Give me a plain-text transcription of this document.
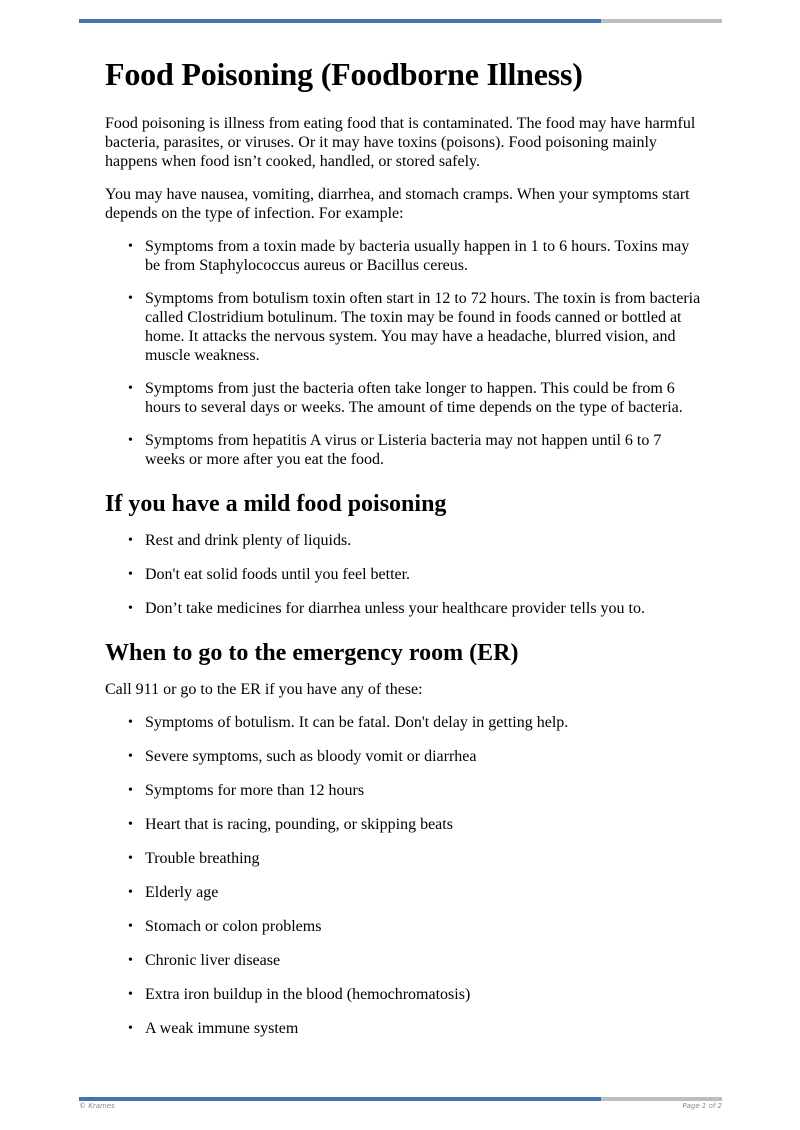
Food Poisoning (Foodborne Illness)

Food poisoning is illness from eating food that is contaminated. The food may have harmful bacteria, parasites, or viruses. Or it may have toxins (poisons). Food poisoning mainly happens when food isn’t cooked, handled, or stored safely.

You may have nausea, vomiting, diarrhea, and stomach cramps. When your symptoms start depends on the type of infection. For example:

• Symptoms from a toxin made by bacteria usually happen in 1 to 6 hours. Toxins may be from Staphylococcus aureus or Bacillus cereus.
• Symptoms from botulism toxin often start in 12 to 72 hours. The toxin is from bacteria called Clostridium botulinum. The toxin may be found in foods canned or bottled at home. It attacks the nervous system. You may have a headache, blurred vision, and muscle weakness.
• Symptoms from just the bacteria often take longer to happen. This could be from 6 hours to several days or weeks. The amount of time depends on the type of bacteria.
• Symptoms from hepatitis A virus or Listeria bacteria may not happen until 6 to 7 weeks or more after you eat the food.
If you have a mild food poisoning
• Rest and drink plenty of liquids.
• Don't eat solid foods until you feel better.
• Don’t take medicines for diarrhea unless your healthcare provider tells you to.
When to go to the emergency room (ER)

Call 911 or go to the ER if you have any of these:

• Symptoms of botulism. It can be fatal. Don't delay in getting help.
• Severe symptoms, such as bloody vomit or diarrhea
• Symptoms for more than 12 hours
• Heart that is racing, pounding, or skipping beats
• Trouble breathing
• Elderly age
• Stomach or colon problems
• Chronic liver disease
• Extra iron buildup in the blood (hemochromatosis)
• A weak immune system
© Krames	Page 1 of 2
